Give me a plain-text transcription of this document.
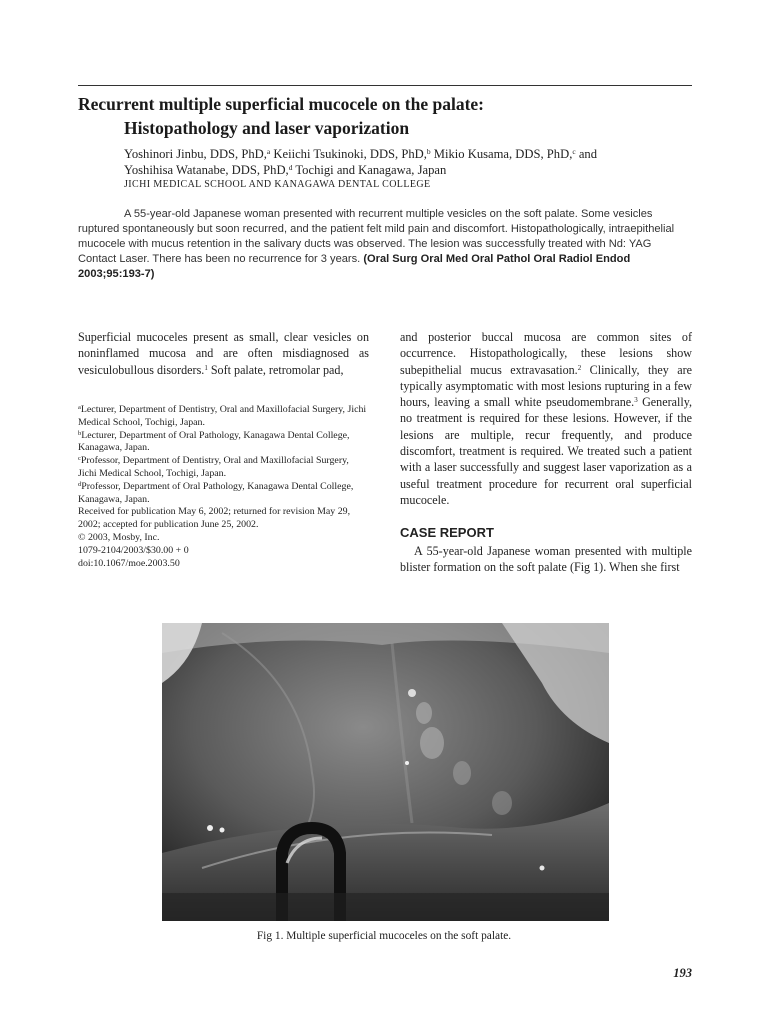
Recurrent multiple superficial mucocele on the palate:
Histopathology and laser vaporization
Yoshinori Jinbu, DDS, PhD,$^a$ Keiichi Tsukinoki, DDS, PhD,$^b$ Mikio Kusama, DDS, PhD,$^c$ and
Yoshihisa Watanabe, DDS, PhD,$^d$ Tochigi and Kanagawa, Japan
JICHI MEDICAL SCHOOL AND KANAGAWA DENTAL COLLEGE

A 55-year-old Japanese woman presented with recurrent multiple vesicles on the soft palate. Some vesicles ruptured spontaneously but soon recurred, and the patient felt mild pain and discomfort. Histopathologically, intraepithelial mucocele with mucus retention in the salivary ducts was observed. The lesion was successfully treated with Nd: YAG Contact Laser. There has been no recurrence for 3 years. (Oral Surg Oral Med Oral Pathol Oral Radiol Endod 2003;95:193-7)

Superficial mucoceles present as small, clear vesicles on noninflamed mucosa and are often misdiagnosed as vesiculobullous disorders.$^1$ Soft palate, retromolar pad,

$^a$Lecturer, Department of Dentistry, Oral and Maxillofacial Surgery, Jichi Medical School, Tochigi, Japan.
$^b$Lecturer, Department of Oral Pathology, Kanagawa Dental College, Kanagawa, Japan.
$^c$Professor, Department of Dentistry, Oral and Maxillofacial Surgery, Jichi Medical School, Tochigi, Japan.
$^d$Professor, Department of Oral Pathology, Kanagawa Dental College, Kanagawa, Japan.
Received for publication May 6, 2002; returned for revision May 29, 2002; accepted for publication June 25, 2002.
© 2003, Mosby, Inc.
1079-2104/2003/$30.00 + 0
doi:10.1067/moe.2003.50

and posterior buccal mucosa are common sites of occurrence. Histopathologically, these lesions show subepithelial mucus extravasation.$^2$ Clinically, they are typically asymptomatic with most lesions rupturing in a few hours, leaving a small white pseudomembrane.$^3$ Generally, no treatment is required for these lesions. However, if the lesions are multiple, recur frequently, and produce discomfort, treatment is required. We treated such a patient with a laser successfully and suggest laser vaporization as a useful treatment procedure for recurrent oral superficial mucocele.

CASE REPORT

A 55-year-old Japanese woman presented with multiple blister formation on the soft palate (Fig 1). When she first

Fig 1. Multiple superficial mucoceles on the soft palate.
193
